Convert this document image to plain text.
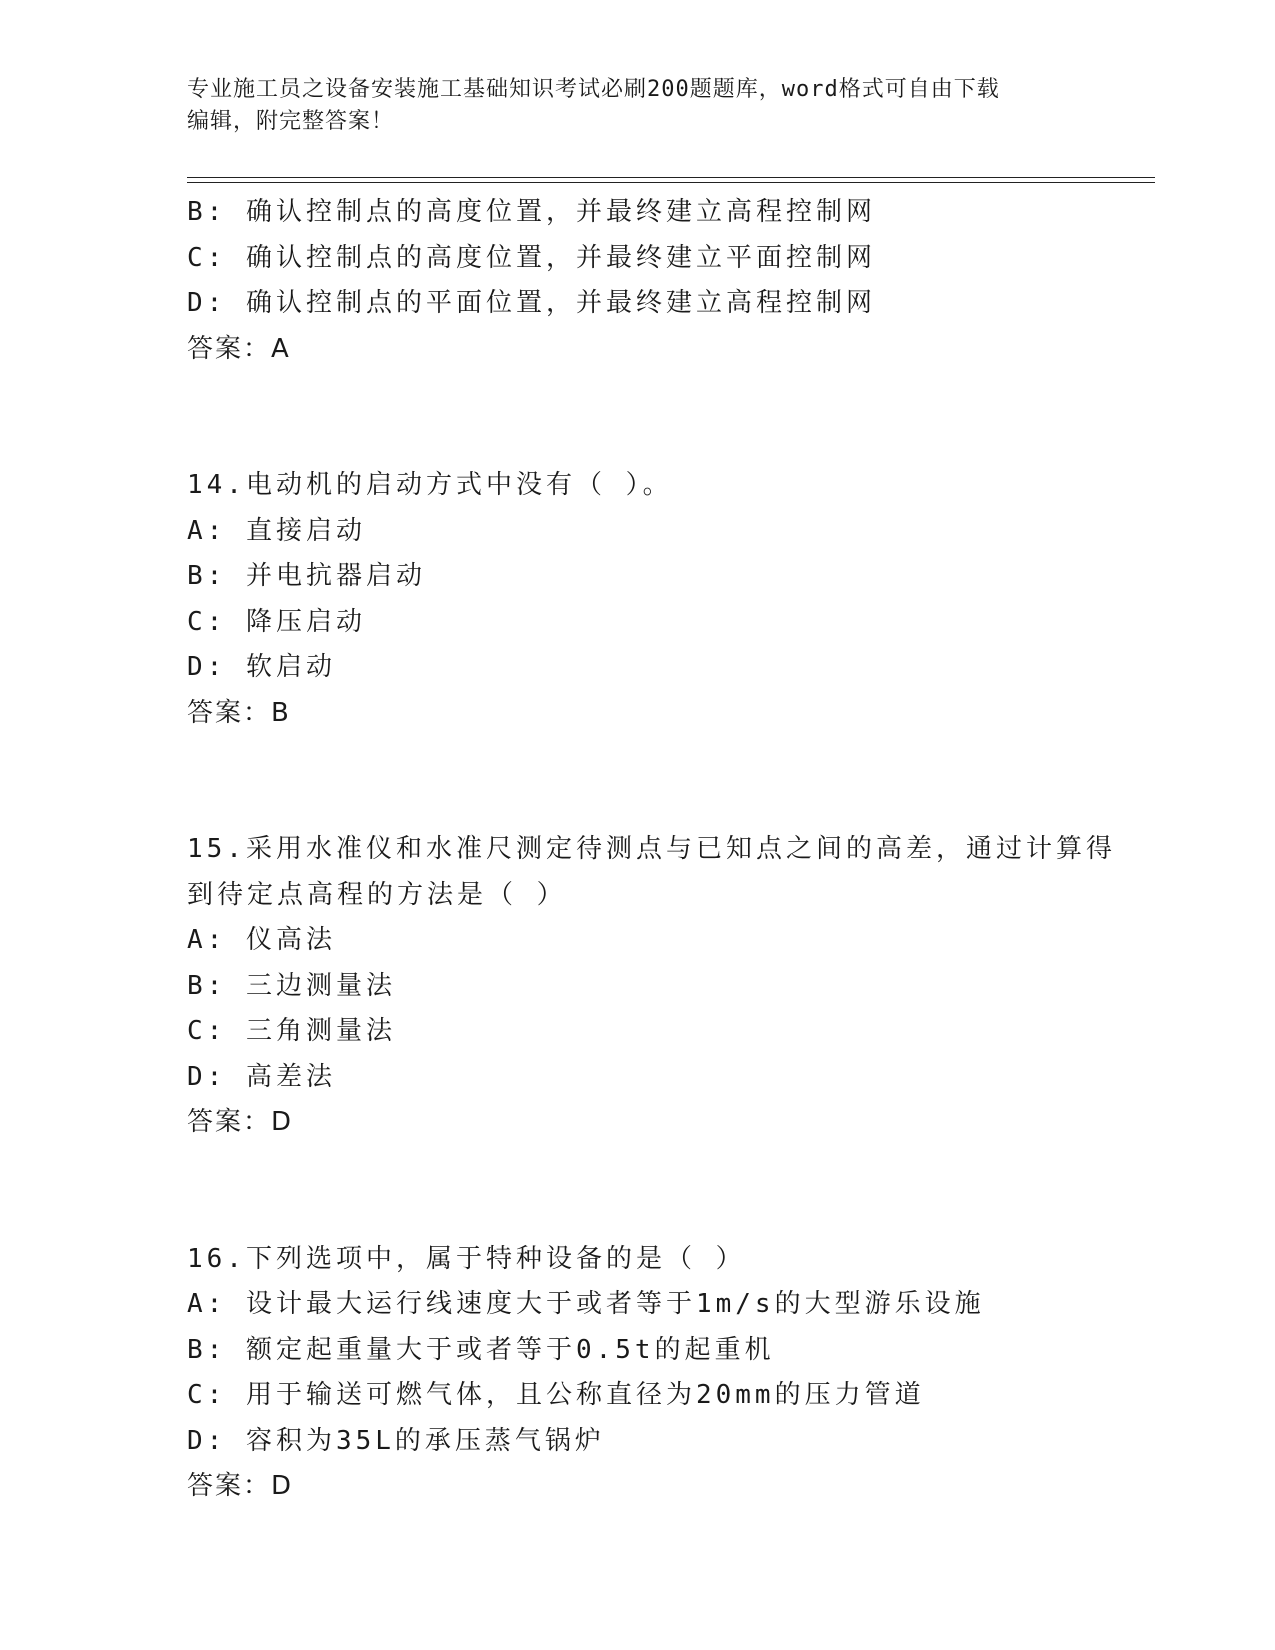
专业施工员之设备安装施工基础知识考试必刷200题题库，word格式可自由下载
编辑，附完整答案！
B: 确认控制点的高度位置，并最终建立高程控制网
C: 确认控制点的高度位置，并最终建立平面控制网
D: 确认控制点的平面位置，并最终建立高程控制网
答案：A
14.电动机的启动方式中没有（ ）。
A: 直接启动
B: 并电抗器启动
C: 降压启动
D: 软启动
答案：B
15.采用水准仪和水准尺测定待测点与已知点之间的高差，通过计算得
到待定点高程的方法是（ ）
A: 仪高法
B: 三边测量法
C: 三角测量法
D: 高差法
答案：D
16.下列选项中，属于特种设备的是（ ）
A: 设计最大运行线速度大于或者等于1m/s的大型游乐设施
B: 额定起重量大于或者等于0.5t的起重机
C: 用于输送可燃气体，且公称直径为20mm的压力管道
D: 容积为35L的承压蒸气锅炉
答案：D
